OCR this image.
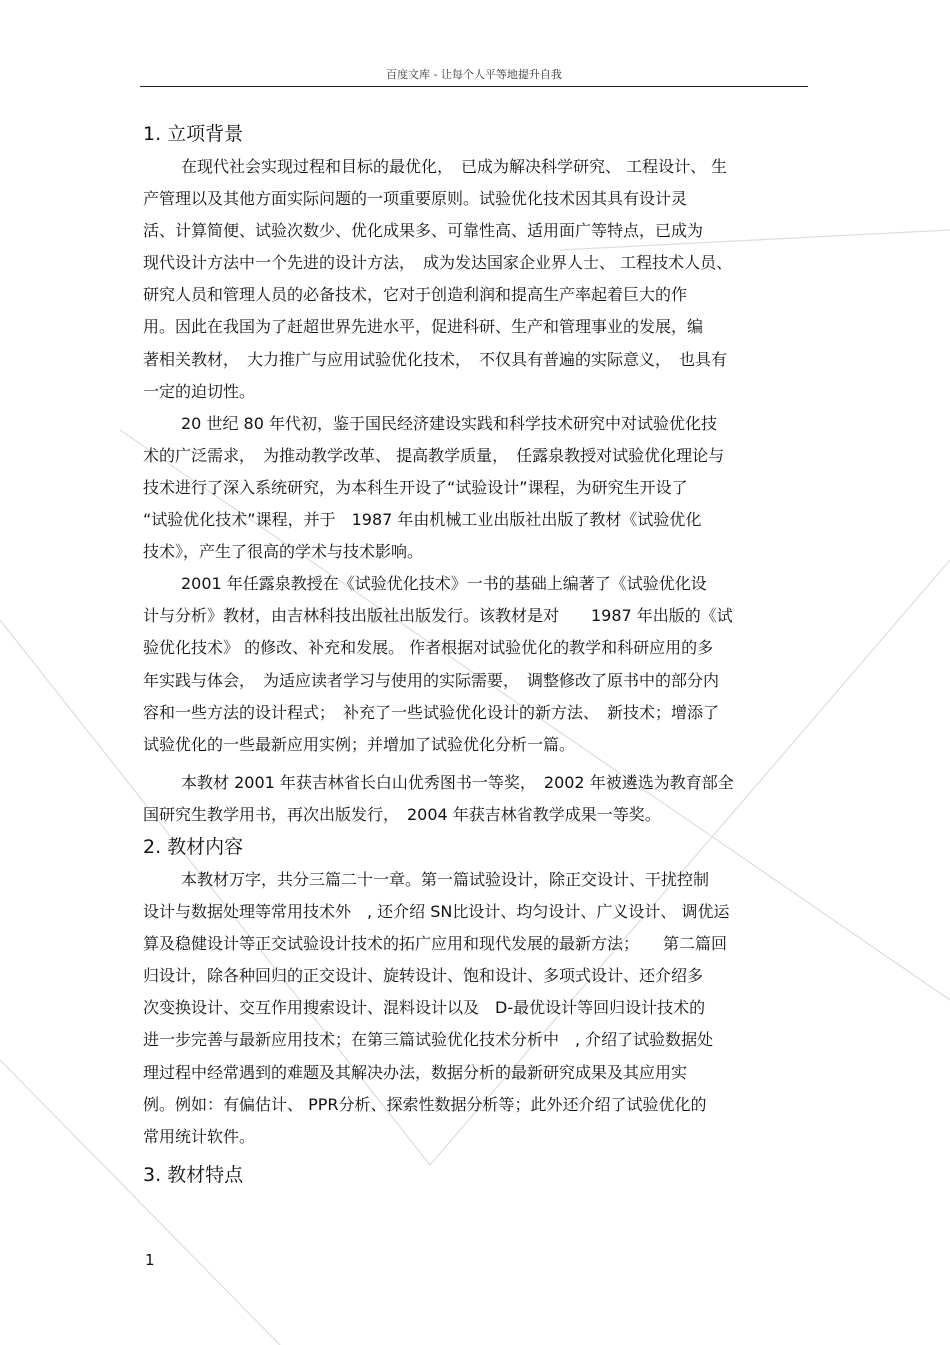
百度文库 - 让每个人平等地提升自我
1. 立项背景

在现代社会实现过程和目标的最优化，　已成为解决科学研究、 工程设计、 生

产管理以及其他方面实际问题的一项重要原则。试验优化技术因其具有设计灵

活、计算简便、试验次数少、优化成果多、可靠性高、适用面广等特点，已成为

现代设计方法中一个先进的设计方法，　成为发达国家企业界人士、 工程技术人员、

研究人员和管理人员的必备技术，它对于创造利润和提高生产率起着巨大的作

用。因此在我国为了赶超世界先进水平，促进科研、生产和管理事业的发展，编

著相关教材，　大力推广与应用试验优化技术，　不仅具有普遍的实际意义，　也具有

一定的迫切性。

20 世纪 80 年代初，鉴于国民经济建设实践和科学技术研究中对试验优化技

术的广泛需求，　为推动教学改革、 提高教学质量，　任露泉教授对试验优化理论与

技术进行了深入系统研究，为本科生开设了“试验设计”课程，为研究生开设了

“试验优化技术”课程，并于　1987 年由机械工业出版社出版了教材《试验优化

技术》，产生了很高的学术与技术影响。

2001 年任露泉教授在《试验优化技术》一书的基础上编著了《试验优化设

计与分析》教材，由吉林科技出版社出版发行。该教材是对　　1987 年出版的《试

验优化技术》 的修改、补充和发展。 作者根据对试验优化的教学和科研应用的多

年实践与体会，　为适应读者学习与使用的实际需要，　调整修改了原书中的部分内

容和一些方法的设计程式；　补充了一些试验优化设计的新方法、　新技术；增添了

试验优化的一些最新应用实例；并增加了试验优化分析一篇。

本教材 2001 年获吉林省长白山优秀图书一等奖，　2002 年被遴选为教育部全

国研究生教学用书，再次出版发行，　2004 年获吉林省教学成果一等奖。

2. 教材内容

本教材万字，共分三篇二十一章。第一篇试验设计，除正交设计、干扰控制

设计与数据处理等常用技术外　, 还介绍 SN比设计、均匀设计、广义设计、 调优运

算及稳健设计等正交试验设计技术的拓广应用和现代发展的最新方法；　　第二篇回

归设计，除各种回归的正交设计、旋转设计、饱和设计、多项式设计、还介绍多

次变换设计、交互作用搜索设计、混料设计以及　D-最优设计等回归设计技术的

进一步完善与最新应用技术；在第三篇试验优化技术分析中　, 介绍了试验数据处

理过程中经常遇到的难题及其解决办法，数据分析的最新研究成果及其应用实

例。例如：有偏估计、 PPR分析、探索性数据分析等；此外还介绍了试验优化的

常用统计软件。

3. 教材特点
1
